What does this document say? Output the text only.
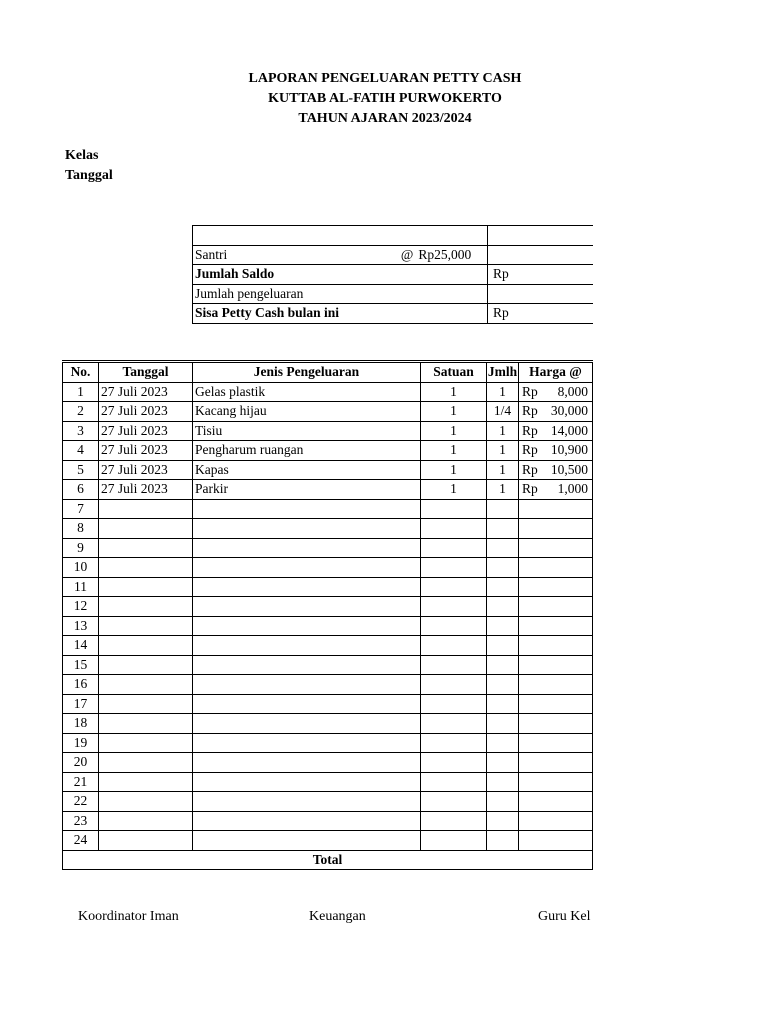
LAPORAN PENGELUARAN PETTY CASH
KUTTAB AL-FATIH PURWOKERTO
TAHUN AJARAN 2023/2024
Kelas
Tanggal

Santri @ Rp25,000	
Jumlah Saldo	Rp
Jumlah pengeluaran	
Sisa Petty Cash bulan ini	Rp
No.	Tanggal	Jenis Pengeluaran	Satuan	Jmlh	Harga @
1	27 Juli 2023	Gelas plastik	1	1	Rp 8,000

2	27 Juli 2023	Kacang hijau	1	1/4	Rp 30,000

3	27 Juli 2023	Tisiu	1	1	Rp 14,000

4	27 Juli 2023	Pengharum ruangan	1	1	Rp 10,900

5	27 Juli 2023	Kapas	1	1	Rp 10,500

6	27 Juli 2023	Parkir	1	1	Rp 1,000

7					
8					
9					
10					
11					
12					
13					
14					
15					
16					
17					
18					
19					
20					
21					
22					
23					
24					
Total					
Koordinator Iman	Keuangan	Guru Kel
